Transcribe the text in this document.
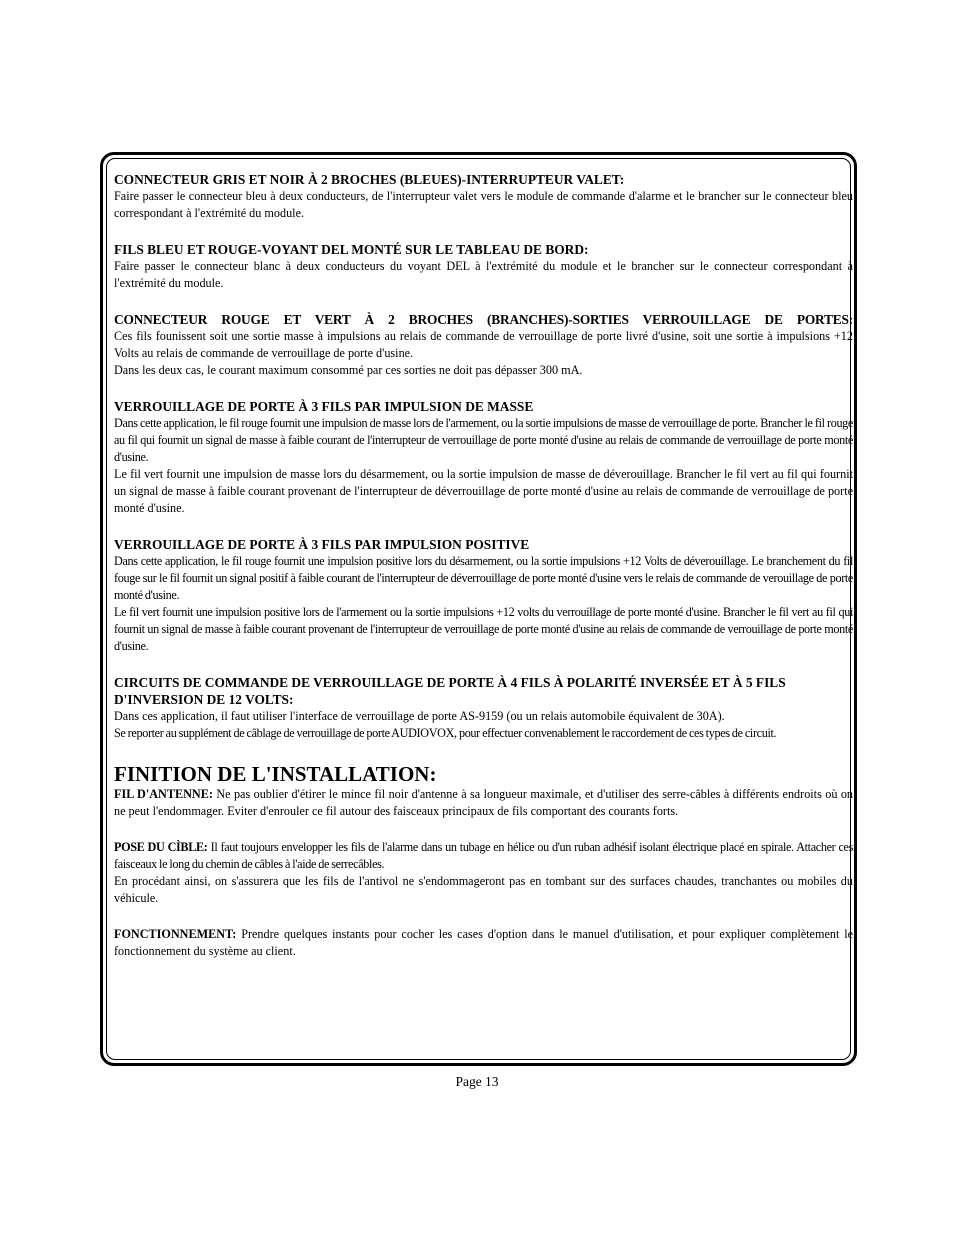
CONNECTEUR GRIS ET NOIR À 2 BROCHES (BLEUES)-INTERRUPTEUR VALET:

Faire passer le connecteur bleu à deux conducteurs, de l'interrupteur valet vers le module de commande d'alarme et le brancher sur le connecteur bleu correspondant à l'extrémité du module.

FILS BLEU ET ROUGE-VOYANT DEL MONTÉ SUR LE TABLEAU DE BORD:

Faire passer le connecteur blanc à deux conducteurs du voyant DEL à l'extrémité du module et le brancher sur le connecteur correspondant à l'extrémité du module.

CONNECTEUR ROUGE ET VERT À 2 BROCHES (BRANCHES)-SORTIES VERROUILLAGE DE PORTES:

Ces fils founissent soit une sortie masse à impulsions au relais de commande de verrouillage de porte livré d'usine, soit une sortie à impulsions +12 Volts au relais de commande de verrouillage de porte d'usine.

Dans les deux cas, le courant maximum consommé par ces sorties ne doit pas dépasser 300 mA.

VERROUILLAGE DE PORTE À 3 FILS PAR IMPULSION DE MASSE

Dans cette application, le fil rouge fournit une impulsion de masse lors de l'armement, ou la sortie impulsions de masse de verrouillage de porte. Brancher le fil rouge au fil qui fournit un signal de masse à faible courant de l'interrupteur de verrouillage de porte monté d'usine au relais de commande de verrouillage de porte monté d'usine.

Le fil vert fournit une impulsion de masse lors du désarmement, ou la sortie impulsion de masse de déverouillage. Brancher le fil vert au fil qui fournit un signal de masse à faible courant provenant de l'interrupteur de déverrouillage de porte monté d'usine au relais de commande de verrouillage de porte monté d'usine.

VERROUILLAGE DE PORTE À 3 FILS PAR IMPULSION POSITIVE

Dans cette application, le fil rouge fournit une impulsion positive lors du désarmement, ou la sortie impulsions +12 Volts de déverouillage. Le branchement du fil fouge sur le fil fournit un signal positif à faible courant de l'interrupteur de déverrouillage de porte monté d'usine vers le relais de commande de verouillage de porte monté d'usine.

Le fil vert fournit une impulsion positive lors de l'armement ou la sortie impulsions +12 volts du verrouillage de porte monté d'usine. Brancher le fil vert au fil qui fournit un signal de masse à faible courant provenant de l'interrupteur de verrouillage de porte monté d'usine au relais de commande de verrouillage de porte monté d'usine.

CIRCUITS DE COMMANDE DE VERROUILLAGE DE PORTE À 4 FILS À POLARITÉ INVERSÉE ET À 5 FILS D'INVERSION DE 12 VOLTS:

Dans ces application, il faut utiliser l'interface de verrouillage de porte AS-9159 (ou un relais automobile équivalent de 30A).

Se reporter au supplément de câblage de verrouillage de porte AUDIOVOX, pour effectuer convenablement le raccordement de ces types de circuit.

FINITION DE L'INSTALLATION:

FIL D'ANTENNE: Ne pas oublier d'étirer le mince fil noir d'antenne à sa longueur maximale, et d'utiliser des serre-câbles à différents endroits où on ne peut l'endommager. Eviter d'enrouler ce fil autour des faisceaux principaux de fils comportant des courants forts.

POSE DU CÌBLE: Il faut toujours envelopper les fils de l'alarme dans un tubage en hélice ou d'un ruban adhésif isolant électrique placé en spirale. Attacher ces faisceaux le long du chemin de câbles à l'aide de serrecâbles.

En procédant ainsi, on s'assurera que les fils de l'antivol ne s'endommageront pas en tombant sur des surfaces chaudes, tranchantes ou mobiles du véhicule.

FONCTIONNEMENT: Prendre quelques instants pour cocher les cases d'option dans le manuel d'utilisation, et pour expliquer complètement le fonctionnement du système au client.

Page 13
